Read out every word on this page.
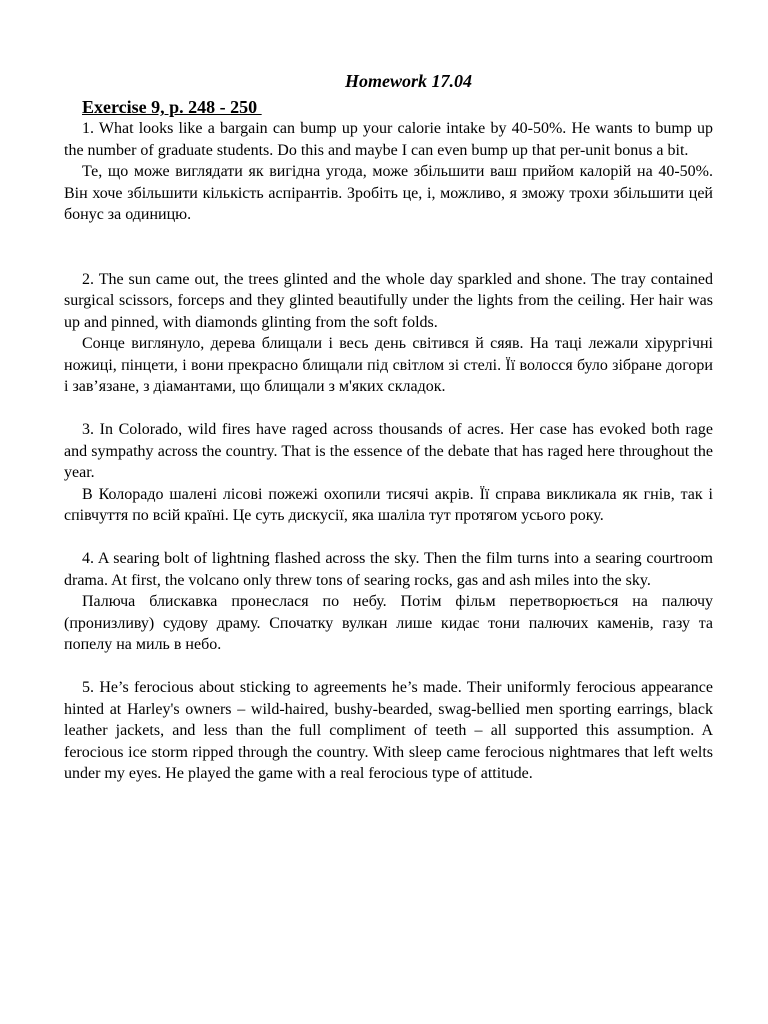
Homework 17.04

Exercise 9, p. 248 - 250

1. What looks like a bargain can bump up your calorie intake by 40-50%. He wants to bump up the number of graduate students. Do this and maybe I can even bump up that per-unit bonus a bit.

Те, що може виглядати як вигідна угода, може збільшити ваш прийом калорій на 40-50%. Він хоче збільшити кількість аспірантів. Зробіть це, і, можливо, я зможу трохи збільшити цей бонус за одиницю.

2. The sun came out, the trees glinted and the whole day sparkled and shone. The tray contained surgical scissors, forceps and they glinted beautifully under the lights from the ceiling. Her hair was up and pinned, with diamonds glinting from the soft folds.

Сонце виглянуло, дерева блищали і весь день світився й сяяв. На таці лежали хірургічні ножиці, пінцети, і вони прекрасно блищали під світлом зі стелі. Її волосся було зібране догори і зав’язане, з діамантами, що блищали з м'яких складок.

3. In Colorado, wild fires have raged across thousands of acres. Her case has evoked both rage and sympathy across the country. That is the essence of the debate that has raged here throughout the year.

В Колорадо шалені лісові пожежі охопили тисячі акрів. Її справа викликала як гнів, так і співчуття по всій країні. Це суть дискусії, яка шаліла тут протягом усього року.

4. A searing bolt of lightning flashed across the sky. Then the film turns into a searing courtroom drama. At first, the volcano only threw tons of searing rocks, gas and ash miles into the sky.

Палюча блискавка пронеслася по небу. Потім фільм перетворюється на палючу (пронизливу) судову драму. Спочатку вулкан лише кидає тони палючих каменів, газу та попелу на миль в небо.

5. He’s ferocious about sticking to agreements he’s made. Their uniformly ferocious appearance hinted at Harley's owners – wild-haired, bushy-bearded, swag-bellied men sporting earrings, black leather jackets, and less than the full compliment of teeth – all supported this assumption. A ferocious ice storm ripped through the country. With sleep came ferocious nightmares that left welts under my eyes. He played the game with a real ferocious type of attitude.
